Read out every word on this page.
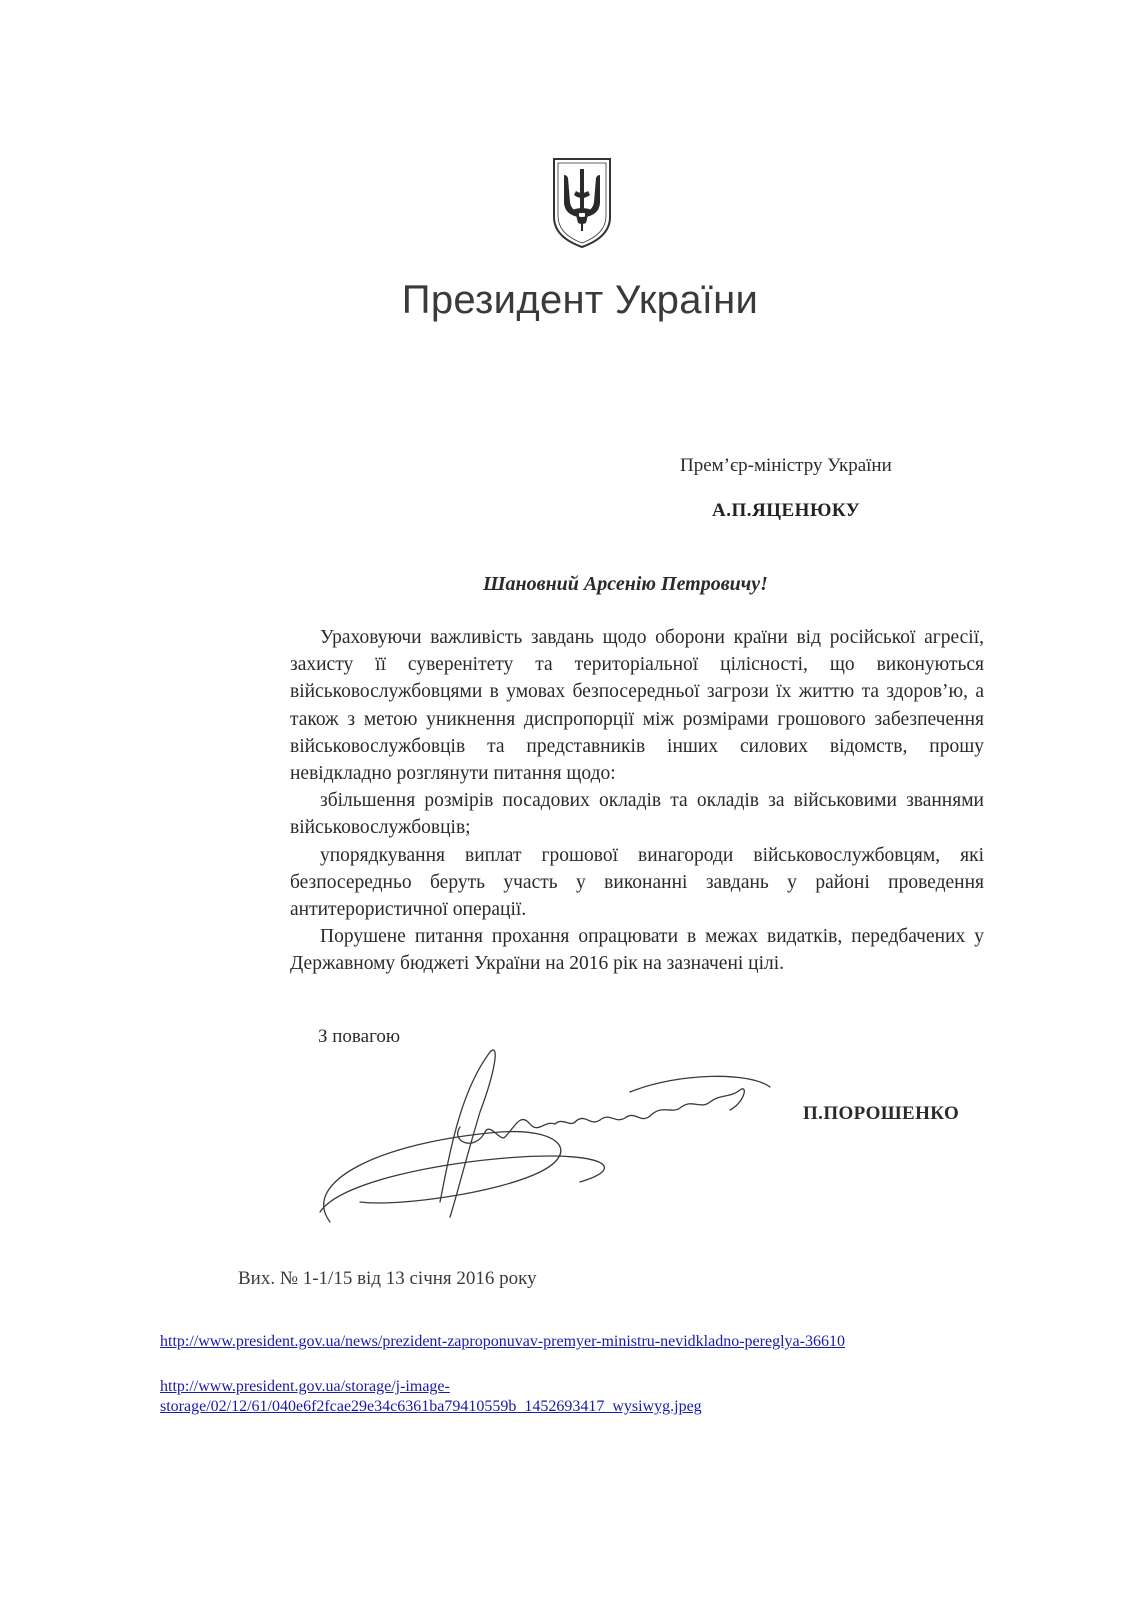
Президент України
Прем’єр-міністру України
А.П.ЯЦЕНЮКУ
Шановний Арсенію Петровичу!

Ураховуючи важливість завдань щодо оборони країни від російської агресії, захисту її суверенітету та територіальної цілісності, що виконуються військовослужбовцями в умовах безпосередньої загрози їх життю та здоров’ю, а також з метою уникнення диспропорції між розмірами грошового забезпечення військовослужбовців та представників інших силових відомств, прошу невідкладно розглянути питання щодо:

збільшення розмірів посадових окладів та окладів за військовими званнями військовослужбовців;

упорядкування виплат грошової винагороди військовослужбовцям, які безпосередньо беруть участь у виконанні завдань у районі проведення антитерористичної операції.

Порушене питання прохання опрацювати в межах видатків, передбачених у Державному бюджеті України на 2016 рік на зазначені цілі.

З повагою
П.ПОРОШЕНКО
Вих. № 1-1/15 від 13 січня 2016 року
http://www.president.gov.ua/news/prezident-zaproponuvav-premyer-ministru-nevidkladno-pereglya-36610
http://www.president.gov.ua/storage/j-image-
storage/02/12/61/040e6f2fcae29e34c6361ba79410559b_1452693417_wysiwyg.jpeg
